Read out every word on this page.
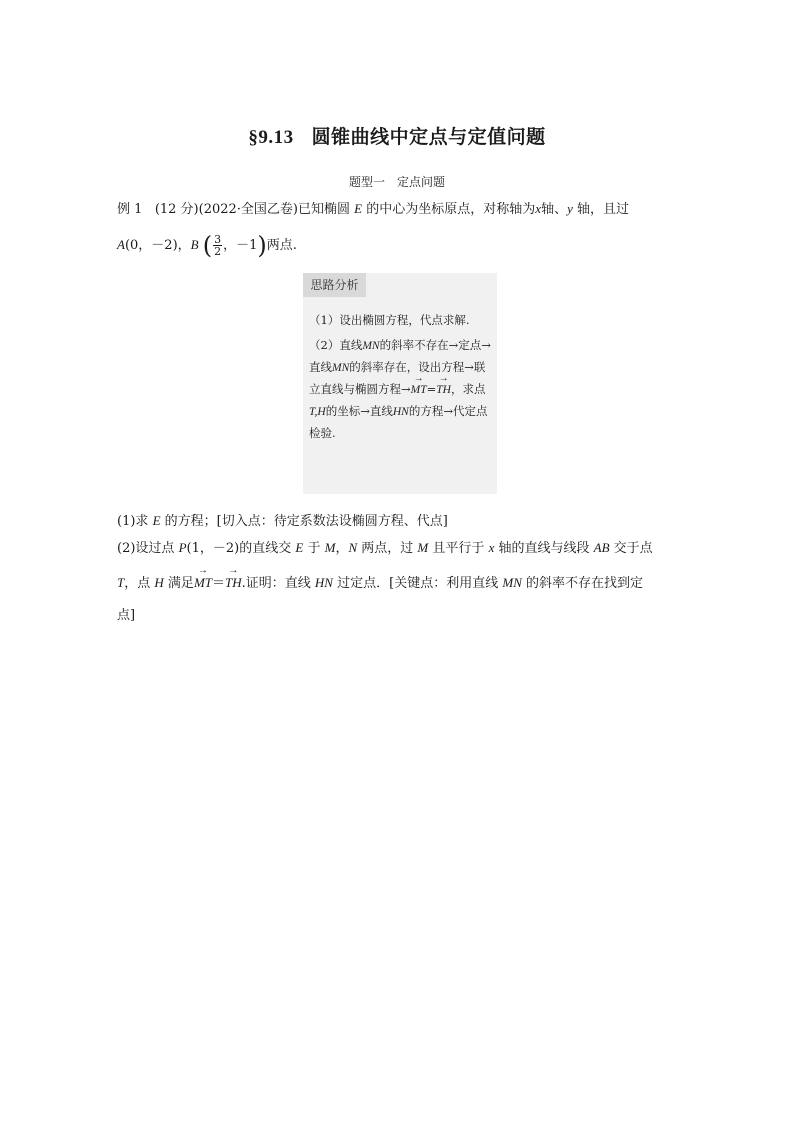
§9.13 圆锥曲线中定点与定值问题
题型一 定点问题
例 1 (12 分)(2022·全国乙卷)已知椭圆 E 的中心为坐标原点，对称轴为x轴、y 轴，且过
A(0，－2)，B ( $\frac{3}{2}$ ，－1)两点.
思路分析

（1）设出椭圆方程，代点求解.

（2）直线MN的斜率不存在→定点→直线MN的斜率存在，设出方程→联立直线与椭圆方程→→ MT=→ TH，求点T,H的坐标→直线HN的方程→代定点检验.

(1)求 E 的方程；[切入点：待定系数法设椭圆方程、代点]
(2)设过点 P(1，－2)的直线交 E 于 M，N 两点，过 M 且平行于 x 轴的直线与线段 AB 交于点
T，点 H 满足→ MT＝→ TH.证明：直线 HN 过定点．[关键点：利用直线 MN 的斜率不存在找到定
点]
